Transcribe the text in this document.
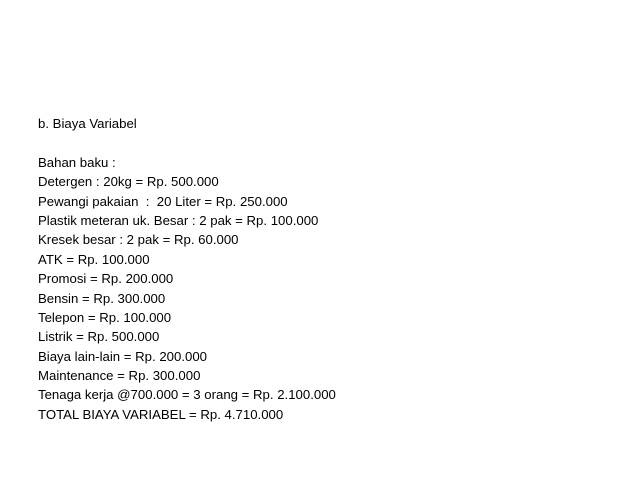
b. Biaya Variabel

Bahan baku :

Detergen : 20kg = Rp. 500.000

Pewangi pakaian  :  20 Liter = Rp. 250.000

Plastik meteran uk. Besar : 2 pak = Rp. 100.000

Kresek besar : 2 pak = Rp. 60.000

ATK = Rp. 100.000

Promosi = Rp. 200.000

Bensin = Rp. 300.000

Telepon = Rp. 100.000

Listrik = Rp. 500.000

Biaya lain-lain = Rp. 200.000

Maintenance = Rp. 300.000

Tenaga kerja @700.000 = 3 orang = Rp. 2.100.000

TOTAL BIAYA VARIABEL = Rp. 4.710.000
